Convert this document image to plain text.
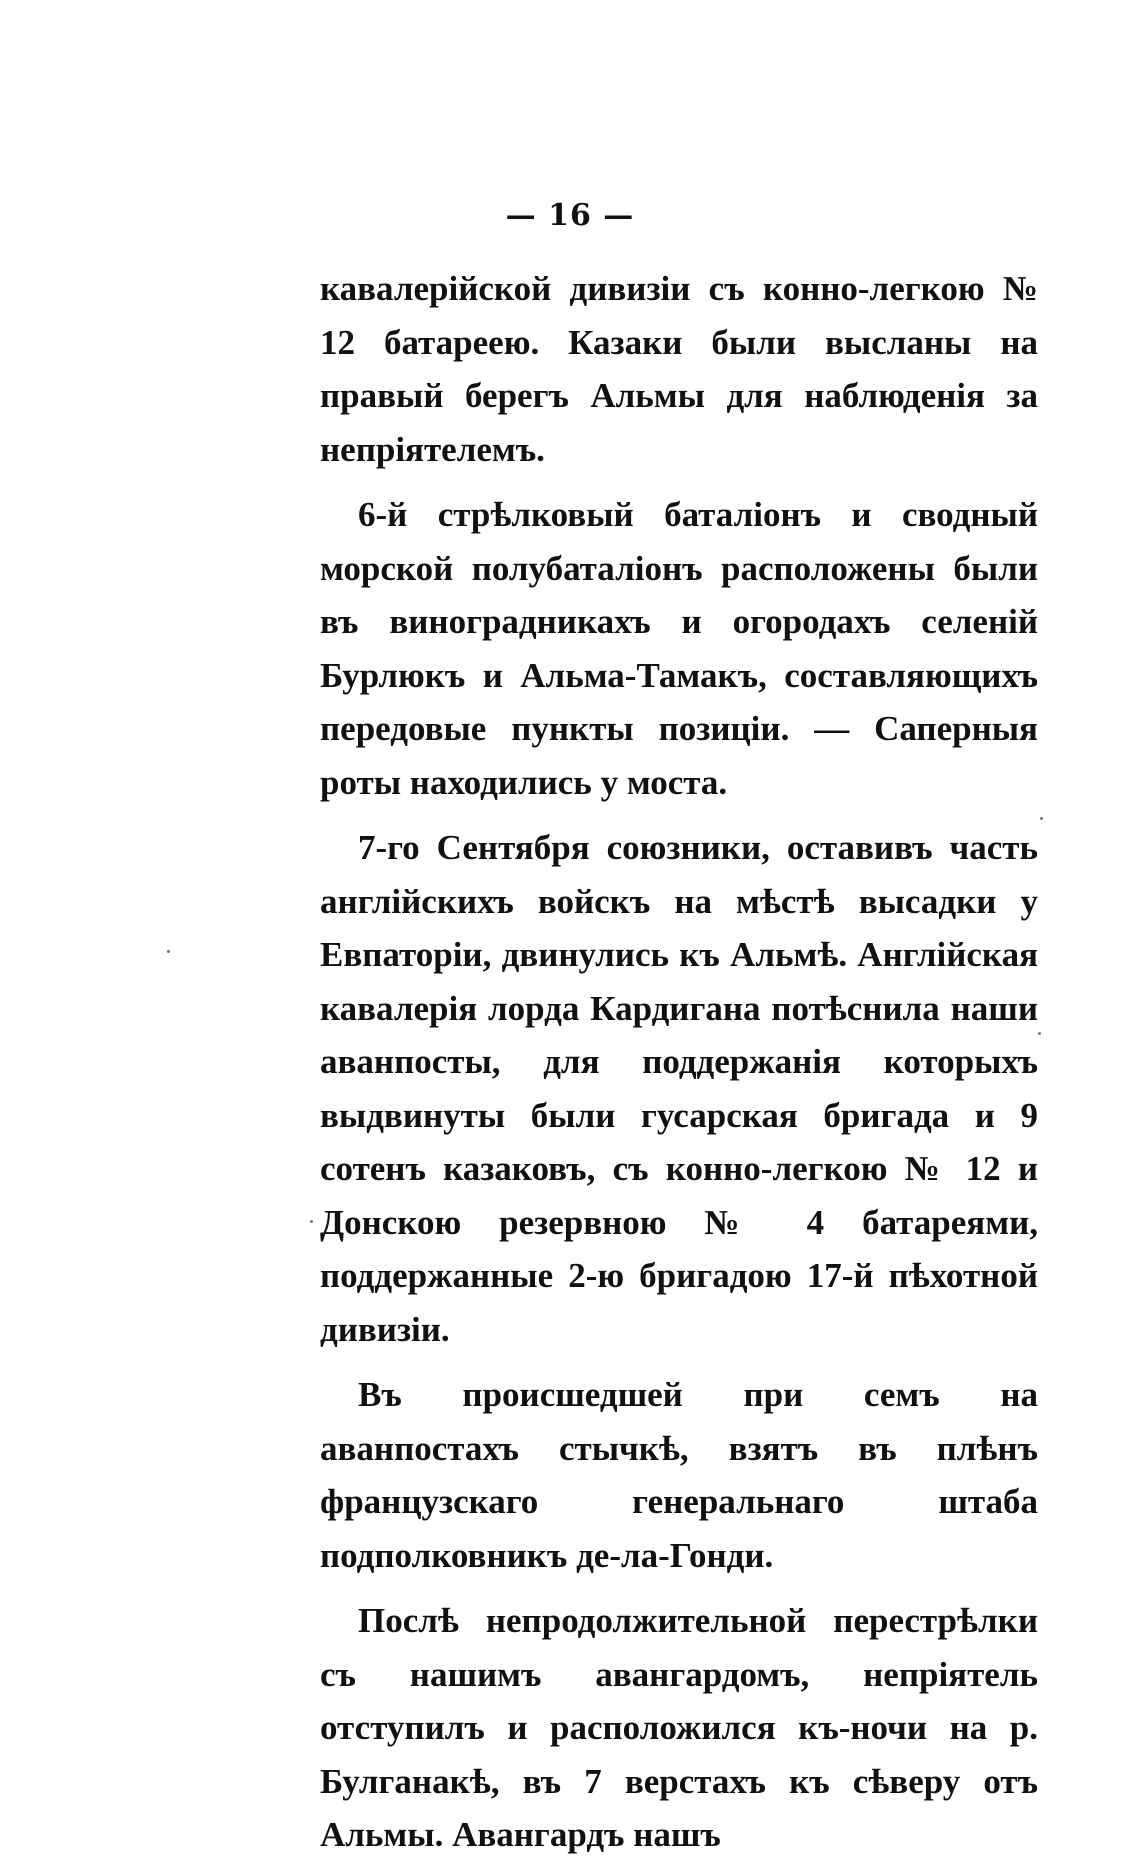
— 16 —

кавалерійской дивизіи съ конно-легкою № 12 батареею. Казаки были высланы на правый берегъ Альмы для наблюденія за непріятелемъ.

6-й стрѣлковый баталіонъ и сводный морской полубаталіонъ расположены были въ виноградникахъ и огородахъ селеній Бурлюкъ и Альма-Тамакъ, составляющихъ передовые пункты позиціи. — Саперныя роты находились у моста.

7-го Сентября союзники, оставивъ часть англійскихъ войскъ на мѣстѣ высадки у Евпаторіи, двинулись къ Альмѣ. Англійская кавалерія лорда Кардигана потѣснила наши аванпосты, для поддержанія которыхъ выдвинуты были гусарская бригада и 9 сотенъ казаковъ, съ конно-легкою № 12 и Донскою резервною № 4 батареями, поддержанные 2-ю бригадою 17-й пѣхотной дивизіи.

Въ происшедшей при семъ на аванпостахъ стычкѣ, взятъ въ плѣнъ французскаго генеральнаго штаба подполковникъ де-ла-Гонди.

Послѣ непродолжительной перестрѣлки съ нашимъ авангардомъ, непріятель отступилъ и расположился къ-ночи на р. Булганакѣ, въ 7 верстахъ къ сѣверу отъ Альмы. Авангардъ нашъ
